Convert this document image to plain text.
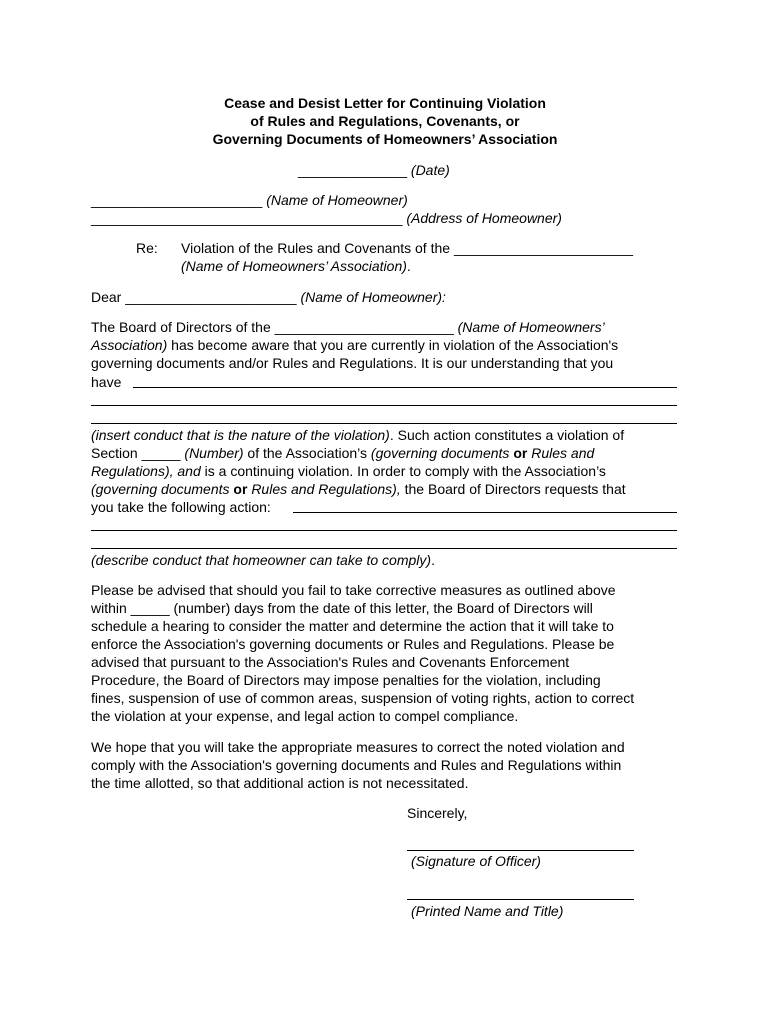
Cease and Desist Letter for Continuing Violation
of Rules and Regulations, Covenants, or
Governing Documents of Homeowners’ Association
______________ (Date)
______________________ (Name of Homeowner)
________________________________________ (Address of Homeowner)
Re: Violation of the Rules and Covenants of the _______________________
(Name of Homeowners’ Association).
Dear ______________________ (Name of Homeowner):
The Board of Directors of the _______________________ (Name of Homeowners’
Association) has become aware that you are currently in violation of the Association's
governing documents and/or Rules and Regulations. It is our understanding that you
have
(insert conduct that is the nature of the violation). Such action constitutes a violation of
Section _____ (Number) of the Association’s (governing documents or Rules and
Regulations), and is a continuing violation. In order to comply with the Association’s
(governing documents or Rules and Regulations), the Board of Directors requests that
you take the following action:
(describe conduct that homeowner can take to comply).
Please be advised that should you fail to take corrective measures as outlined above
within _____ (number) days from the date of this letter, the Board of Directors will
schedule a hearing to consider the matter and determine the action that it will take to
enforce the Association's governing documents or Rules and Regulations. Please be
advised that pursuant to the Association's Rules and Covenants Enforcement
Procedure, the Board of Directors may impose penalties for the violation, including
fines, suspension of use of common areas, suspension of voting rights, action to correct
the violation at your expense, and legal action to compel compliance.
We hope that you will take the appropriate measures to correct the noted violation and
comply with the Association's governing documents and Rules and Regulations within
the time allotted, so that additional action is not necessitated.
Sincerely,
(Signature of Officer)
(Printed Name and Title)
